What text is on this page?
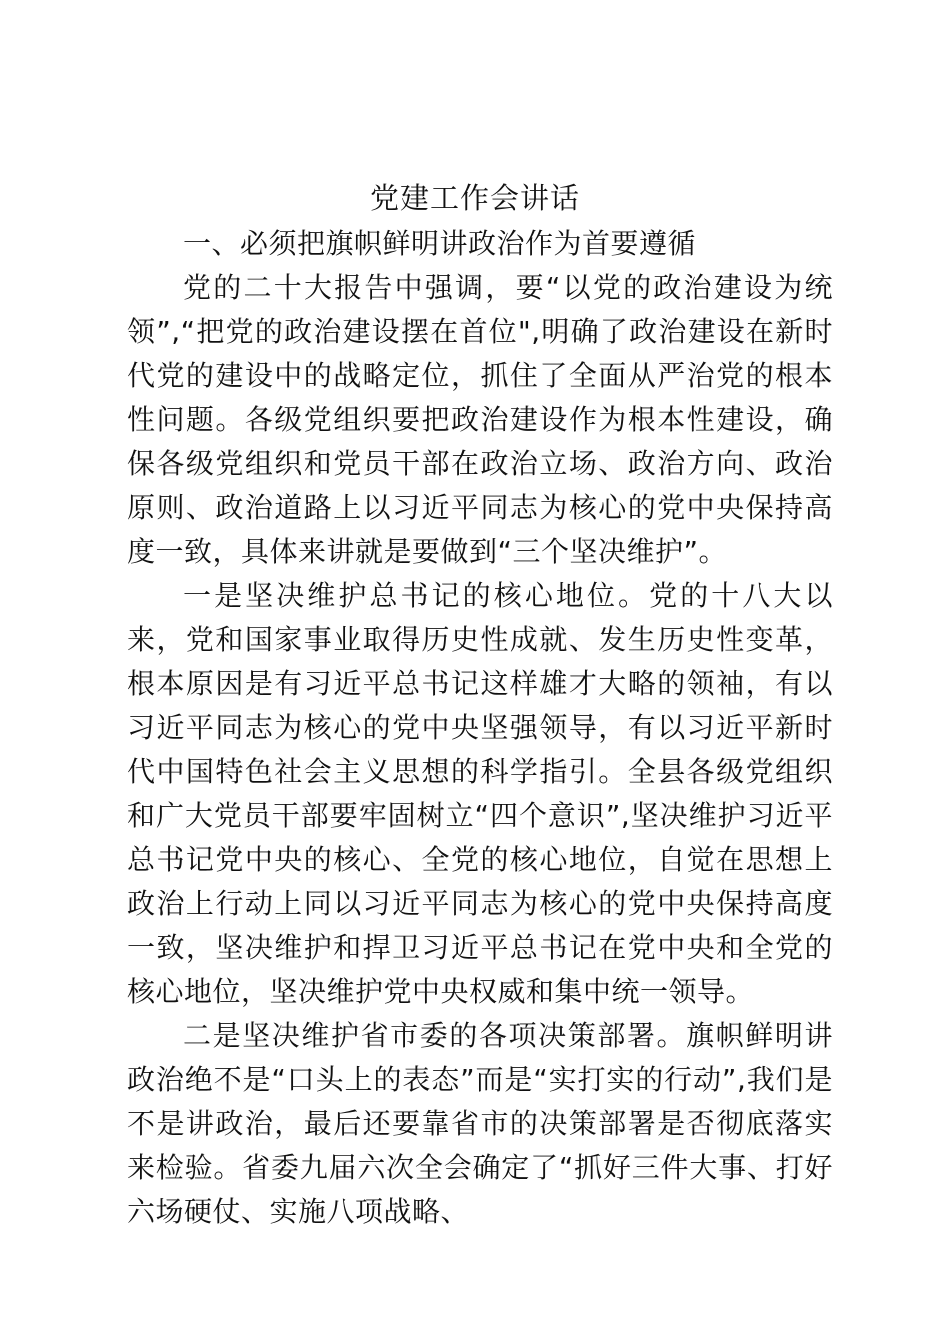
党建工作会讲话

一、必须把旗帜鲜明讲政治作为首要遵循

党的二十大报告中强调，要“以党的政治建设为统领”,“把党的政治建设摆在首位",明确了政治建设在新时代党的建设中的战略定位，抓住了全面从严治党的根本性问题。各级党组织要把政治建设作为根本性建设，确保各级党组织和党员干部在政治立场、政治方向、政治原则、政治道路上以习近平同志为核心的党中央保持高度一致，具体来讲就是要做到“三个坚决维护”。

一是坚决维护总书记的核心地位。党的十八大以来，党和国家事业取得历史性成就、发生历史性变革，根本原因是有习近平总书记这样雄才大略的领袖，有以习近平同志为核心的党中央坚强领导，有以习近平新时代中国特色社会主义思想的科学指引。全县各级党组织和广大党员干部要牢固树立“四个意识”,坚决维护习近平总书记党中央的核心、全党的核心地位，自觉在思想上政治上行动上同以习近平同志为核心的党中央保持高度一致，坚决维护和捍卫习近平总书记在党中央和全党的核心地位，坚决维护党中央权威和集中统一领导。

二是坚决维护省市委的各项决策部署。旗帜鲜明讲政治绝不是“口头上的表态”而是“实打实的行动”,我们是不是讲政治，最后还要靠省市的决策部署是否彻底落实来检验。省委九届六次全会确定了“抓好三件大事、打好六场硬仗、实施八项战略、
